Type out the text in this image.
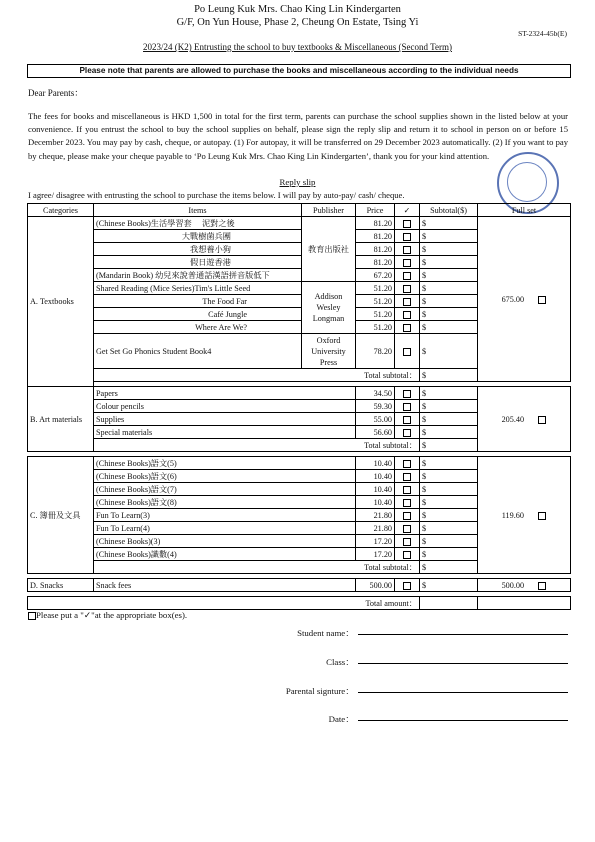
Po Leung Kuk Mrs. Chao King Lin Kindergarten
G/F, On Yun House, Phase 2, Cheung On Estate, Tsing Yi
ST-2324-45b(E)
2023/24 (K2) Entrusting the school to buy textbooks & Miscellaneous (Second Term)
Please note that parents are allowed to purchase the books and miscellaneous according to the individual needs
Dear Parents：
The fees for books and miscellaneous is HKD 1,500 in total for the first term, parents can purchase the school supplies shown in the listed below at your convenience. If you entrust the school to buy the school supplies on behalf, please sign the reply slip and return it to school in person on or before 15 December 2023. You may pay by cash, cheque, or autopay. (1) For autopay, it will be transferred on 29 December 2023 automatically. (2) If you want to pay by cheque, please make your cheque payable to ‘Po Leung Kuk Mrs. Chao King Lin Kindergarten’, thank you for your kind attention.
Reply slip
I agree/ disagree with entrusting the school to purchase the items below. I will pay by auto-pay/ cash/ cheque.
Categories	Items	Publisher	Price	✓	Subtotal($)	Full set
A. Textbooks	(Chinese Books)生活學習套　 泥對之後	教育出版社	81.20		$	675.00
	大戰樹菌兵團		81.20		$	
	我想養小狗		81.20		$	
	假日遊香港		81.20		$	
	(Mandarin Book) 幼兒來說普通話漢語拼音版低下		67.20		$	
	Shared Reading (Mice Series)Tim's Little Seed	Addison Wesley Longman	51.20		$	
	The Food Far		51.20		$	
	Café Jungle		51.20		$	
	Where Are We?		51.20		$	
	Get Set Go Phonics Student Book4	Oxford University Press	78.20		$	
	Total subtotal：				$	

B. Art materials	Papers		34.50		$	205.40
	Colour pencils		59.30		$	
	Supplies		55.00		$	
	Special materials		56.60		$	
	Total subtotal：				$	

C. 簿冊及文具	(Chinese Books)語文(5)		10.40		$	119.60
	(Chinese Books)語文(6)		10.40		$	
	(Chinese Books)語文(7)		10.40		$	
	(Chinese Books)語文(8)		10.40		$	
	Fun To Learn(3)		21.80		$	
	Fun To Learn(4)		21.80		$	
	(Chinese Books)(3)		17.20		$	
	(Chinese Books)識數(4)		17.20		$	
	Total subtotal：				$	

D. Snacks	Snack fees		500.00		$	500.00

	Total amount：					
Please put a "✓"at the appropriate box(es).
Student name：
Class：
Parental signture：
Date：
